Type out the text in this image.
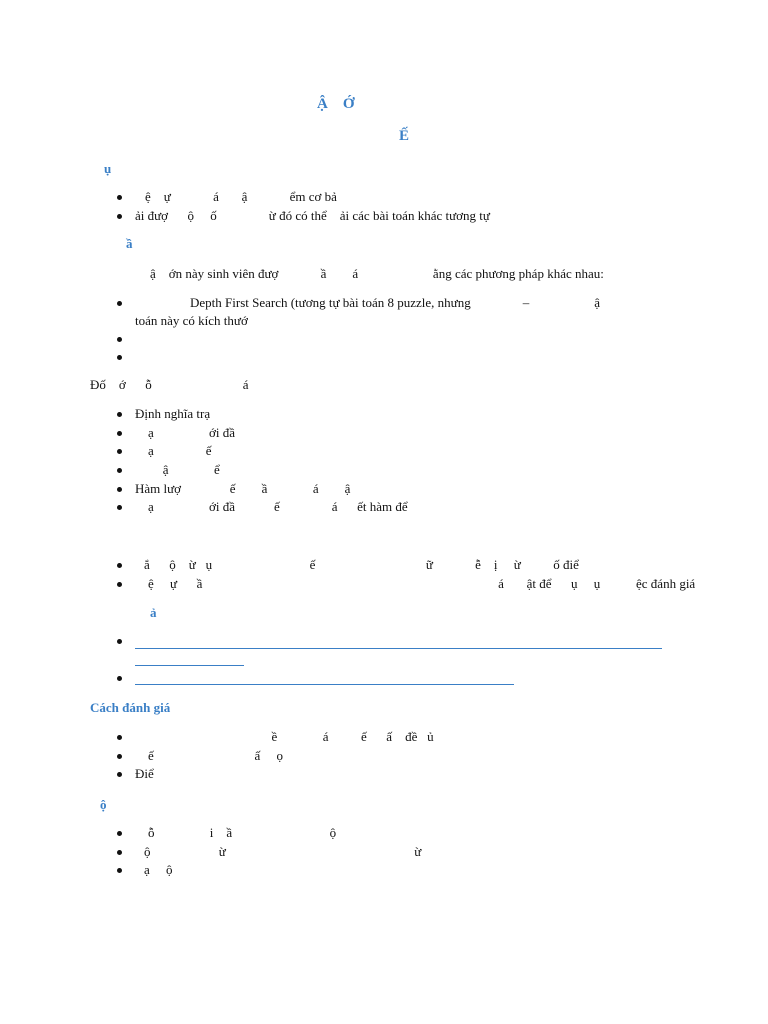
Ậ    Ớ
Ế
ụ
ệ    ự             á       ậ             ểm cơ bả
ải đượ      ộ     ố                ừ đó có thể    ải các bài toán khác tương tự
ầ
ậ    ớn này sinh viên đượ             ầ        á                       ằng các phương pháp khác nhau:
Depth First Search (tương tự bài toán 8 puzzle, nhưng                –                    ậ
toán này có kích thướ
Đố    ớ      ỗ                            á
Định nghĩa trạ
ạ                 ới đầ
ạ                ế
ậ              ể
Hàm lượ               ế        ầ              á        ậ
ạ                 ới đầ            ế                á      ết hàm để
ắ      ộ    ừ   ụ                              ế                                  ữ             ễ    ị     ừ          ố điể
ệ     ự      ầ                                                                                           á       ật để      ụ     ụ           ệc đánh giá
ả
Cách đánh giá
ề              á          ế      ấ    đề   ủ
ế                               ấ     ọ
Điể
ộ
ỗ                 i    ầ                              ộ
ộ                     ừ                                                          ừ
ạ     ộ
